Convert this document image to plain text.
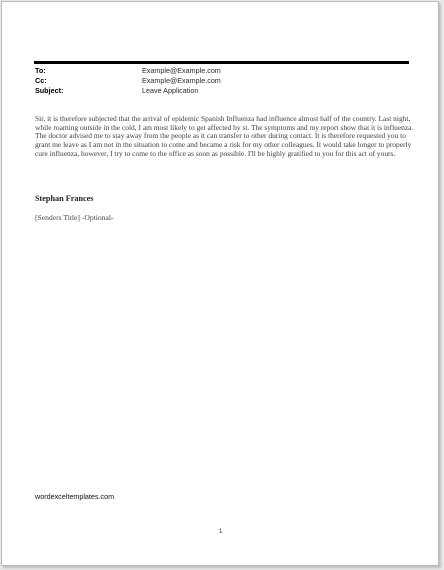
To:	Example@Example.com
Cc:	Example@Example.com
Subject:	Leave Application

Sir, it is therefore subjected that the arrival of epidemic Spanish Influenza had influence almost half of the country. Last night, while roaming outside in the cold, I am most likely to get affected by st. The symptoms and my report show that it is influenza. The doctor advised me to stay away from the people as it can transfer to other during contact. It is therefore requested you to grant me leave as I am not in the situation to come and became a risk for my other colleagues. It would take longer to properly cure influenza, however, I try to come to the office as soon as possible. I'll be highly gratified to you for this act of yours.

Stephan Frances
[Senders Title] -Optional-
wordexceltemplates.com
1
